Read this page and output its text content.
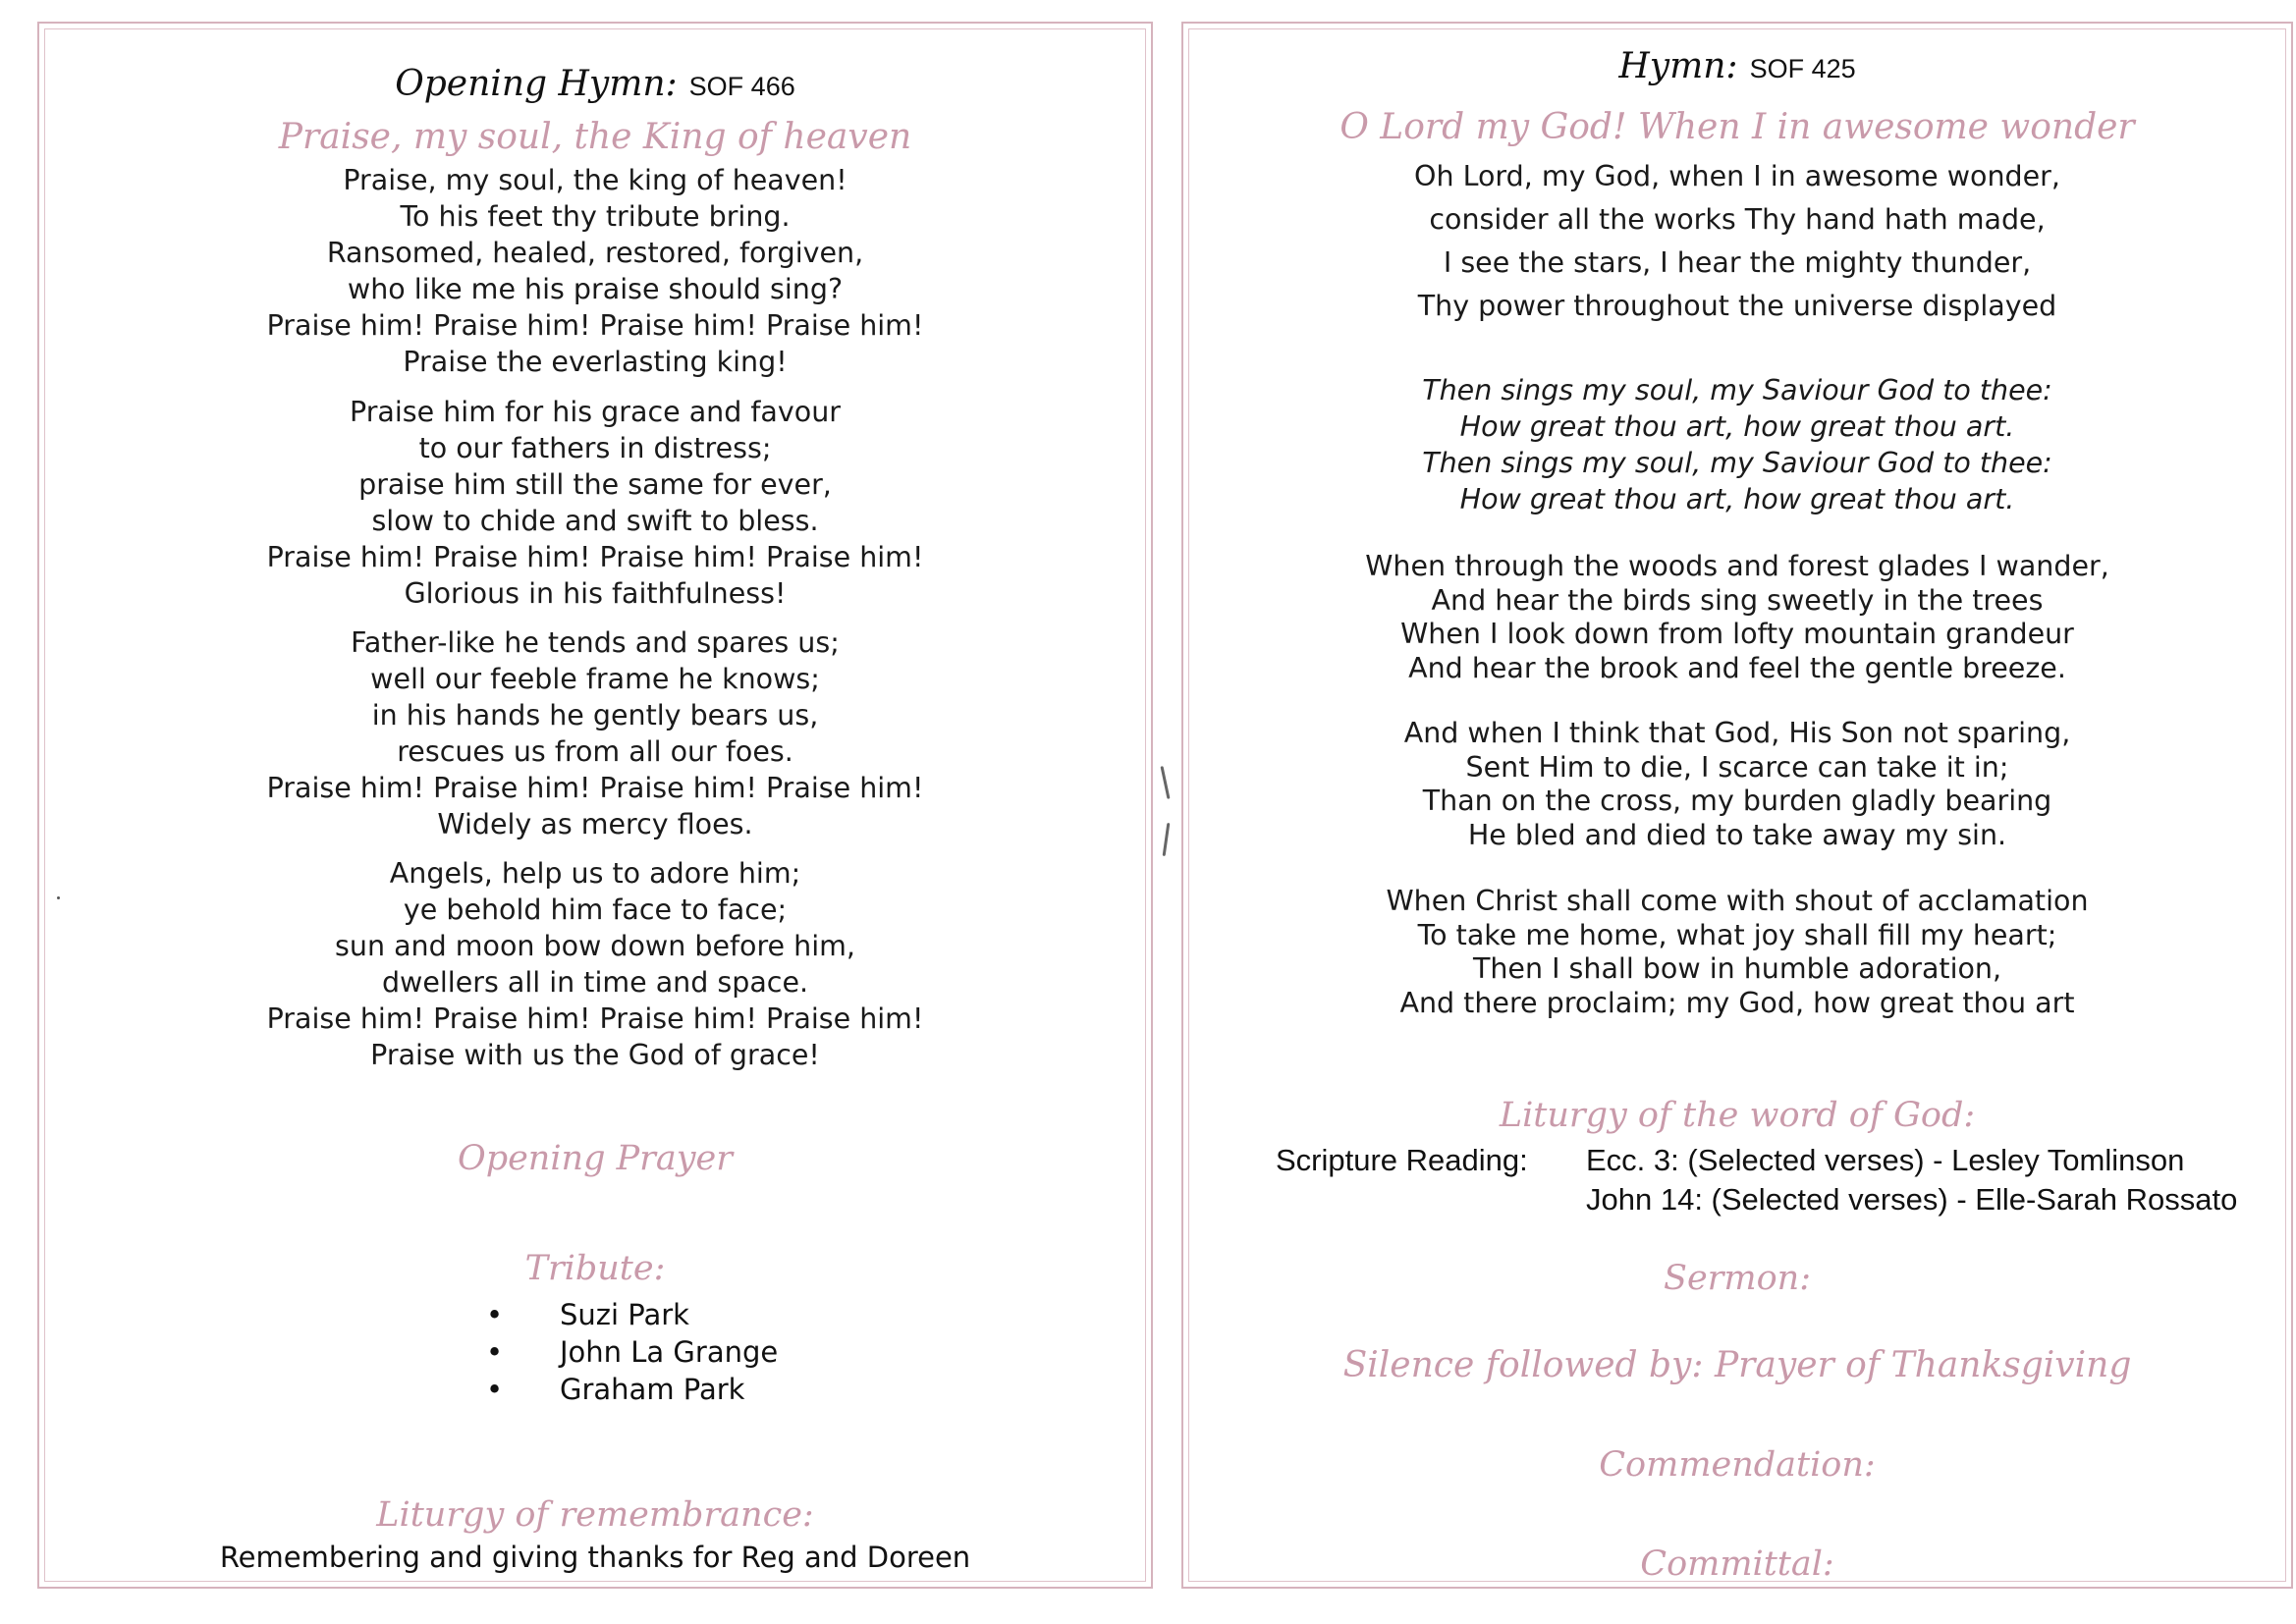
Opening Hymn: SOF 466
Praise, my soul, the King of heaven

Praise, my soul, the king of heaven!
To his feet thy tribute bring.
Ransomed, healed, restored, forgiven,
who like me his praise should sing?
Praise him! Praise him! Praise him! Praise him!
Praise the everlasting king!

Praise him for his grace and favour
to our fathers in distress;
praise him still the same for ever,
slow to chide and swift to bless.
Praise him! Praise him! Praise him! Praise him!
Glorious in his faithfulness!

Father-like he tends and spares us;
well our feeble frame he knows;
in his hands he gently bears us,
rescues us from all our foes.
Praise him! Praise him! Praise him! Praise him!
Widely as mercy floes.

Angels, help us to adore him;
ye behold him face to face;
sun and moon bow down before him,
dwellers all in time and space.
Praise him! Praise him! Praise him! Praise him!
Praise with us the God of grace!

Opening Prayer
Tribute:
• Suzi Park
• John La Grange
• Graham Park
Liturgy of remembrance:
Remembering and giving thanks for Reg and Doreen
Hymn: SOF 425
O Lord my God! When I in awesome wonder

Oh Lord, my God, when I in awesome wonder,
consider all the works Thy hand hath made,
I see the stars, I hear the mighty thunder,
Thy power throughout the universe displayed

Then sings my soul, my Saviour God to thee:
How great thou art, how great thou art.
Then sings my soul, my Saviour God to thee:
How great thou art, how great thou art.

When through the woods and forest glades I wander,
And hear the birds sing sweetly in the trees
When I look down from lofty mountain grandeur
And hear the brook and feel the gentle breeze.

And when I think that God, His Son not sparing,
Sent Him to die, I scarce can take it in;
Than on the cross, my burden gladly bearing
He bled and died to take away my sin.

When Christ shall come with shout of acclamation
To take me home, what joy shall fill my heart;
Then I shall bow in humble adoration,
And there proclaim; my God, how great thou art

Liturgy of the word of God:
Scripture Reading: Ecc. 3: (Selected verses) - Lesley Tomlinson
John 14: (Selected verses) - Elle-Sarah Rossato
Sermon:
Silence followed by: Prayer of Thanksgiving
Commendation:
Committal:
